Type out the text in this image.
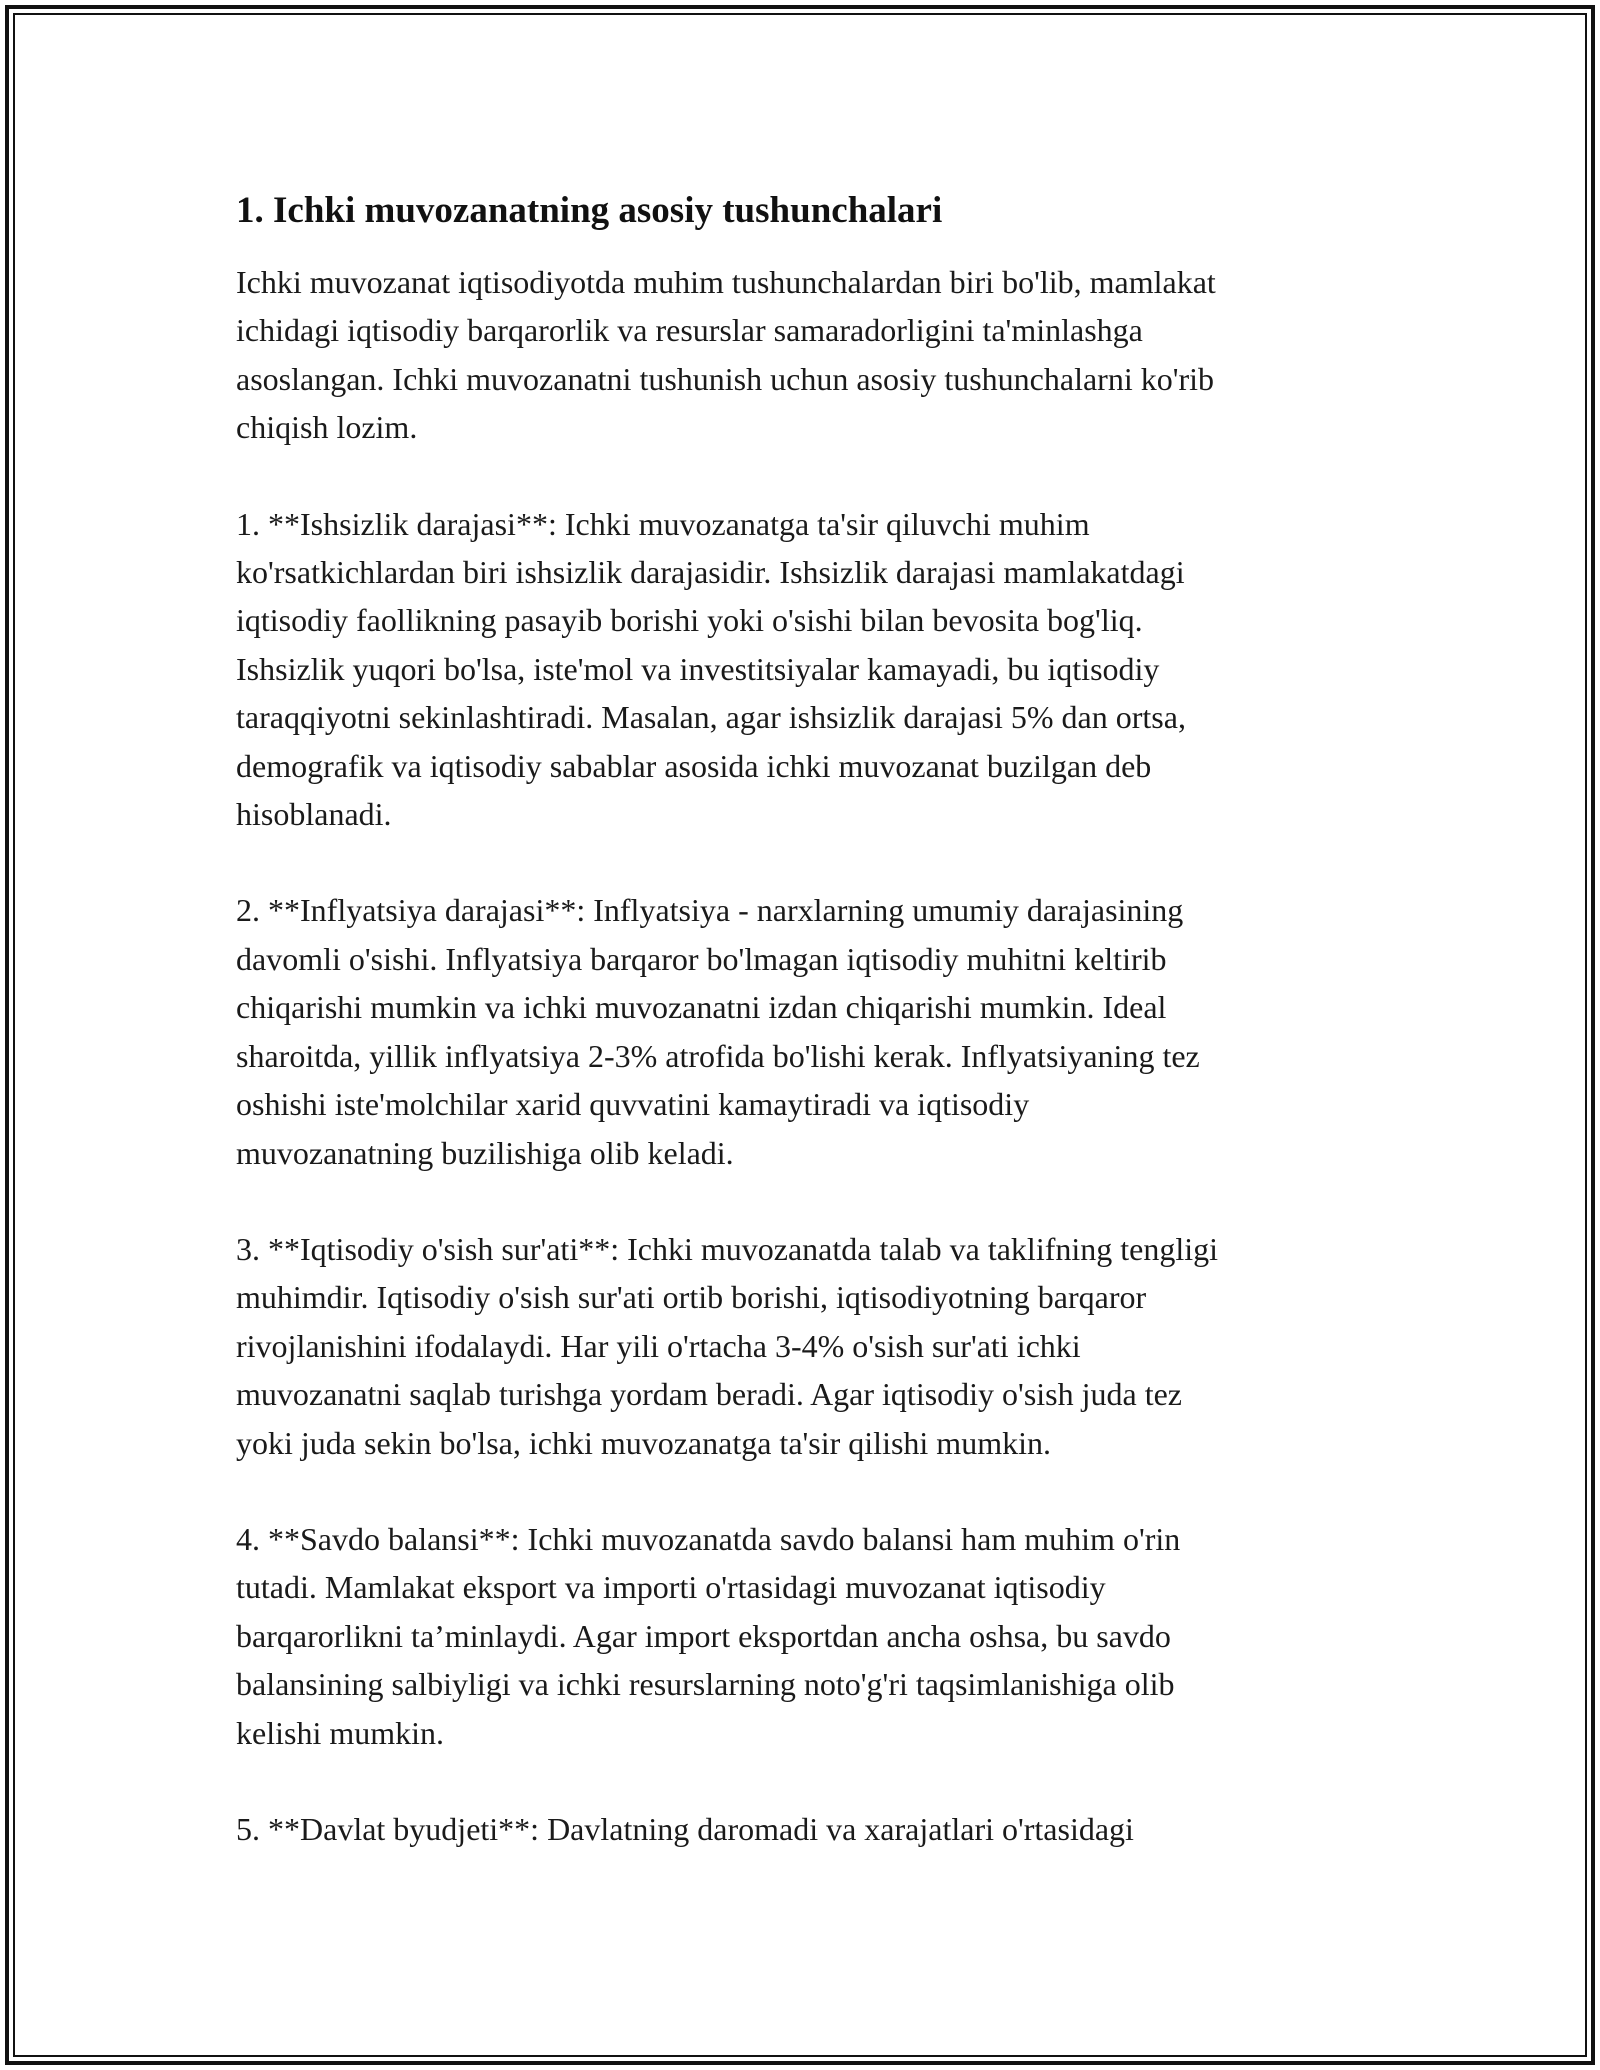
1. Ichki muvozanatning asosiy tushunchalari

Ichki muvozanat iqtisodiyotda muhim tushunchalardan biri bo'lib, mamlakat
ichidagi iqtisodiy barqarorlik va resurslar samaradorligini ta'minlashga
asoslangan. Ichki muvozanatni tushunish uchun asosiy tushunchalarni ko'rib
chiqish lozim.

1. **Ishsizlik darajasi**: Ichki muvozanatga ta'sir qiluvchi muhim
ko'rsatkichlardan biri ishsizlik darajasidir. Ishsizlik darajasi mamlakatdagi
iqtisodiy faollikning pasayib borishi yoki o'sishi bilan bevosita bog'liq.
Ishsizlik yuqori bo'lsa, iste'mol va investitsiyalar kamayadi, bu iqtisodiy
taraqqiyotni sekinlashtiradi. Masalan, agar ishsizlik darajasi 5% dan ortsa,
demografik va iqtisodiy sabablar asosida ichki muvozanat buzilgan deb
hisoblanadi.

2. **Inflyatsiya darajasi**: Inflyatsiya - narxlarning umumiy darajasining
davomli o'sishi. Inflyatsiya barqaror bo'lmagan iqtisodiy muhitni keltirib
chiqarishi mumkin va ichki muvozanatni izdan chiqarishi mumkin. Ideal
sharoitda, yillik inflyatsiya 2-3% atrofida bo'lishi kerak. Inflyatsiyaning tez
oshishi iste'molchilar xarid quvvatini kamaytiradi va iqtisodiy
muvozanatning buzilishiga olib keladi.

3. **Iqtisodiy o'sish sur'ati**: Ichki muvozanatda talab va taklifning tengligi
muhimdir. Iqtisodiy o'sish sur'ati ortib borishi, iqtisodiyotning barqaror
rivojlanishini ifodalaydi. Har yili o'rtacha 3-4% o'sish sur'ati ichki
muvozanatni saqlab turishga yordam beradi. Agar iqtisodiy o'sish juda tez
yoki juda sekin bo'lsa, ichki muvozanatga ta'sir qilishi mumkin.

4. **Savdo balansi**: Ichki muvozanatda savdo balansi ham muhim o'rin
tutadi. Mamlakat eksport va importi o'rtasidagi muvozanat iqtisodiy
barqarorlikni ta’minlaydi. Agar import eksportdan ancha oshsa, bu savdo
balansining salbiyligi va ichki resurslarning noto'g'ri taqsimlanishiga olib
kelishi mumkin.

5. **Davlat byudjeti**: Davlatning daromadi va xarajatlari o'rtasidagi
